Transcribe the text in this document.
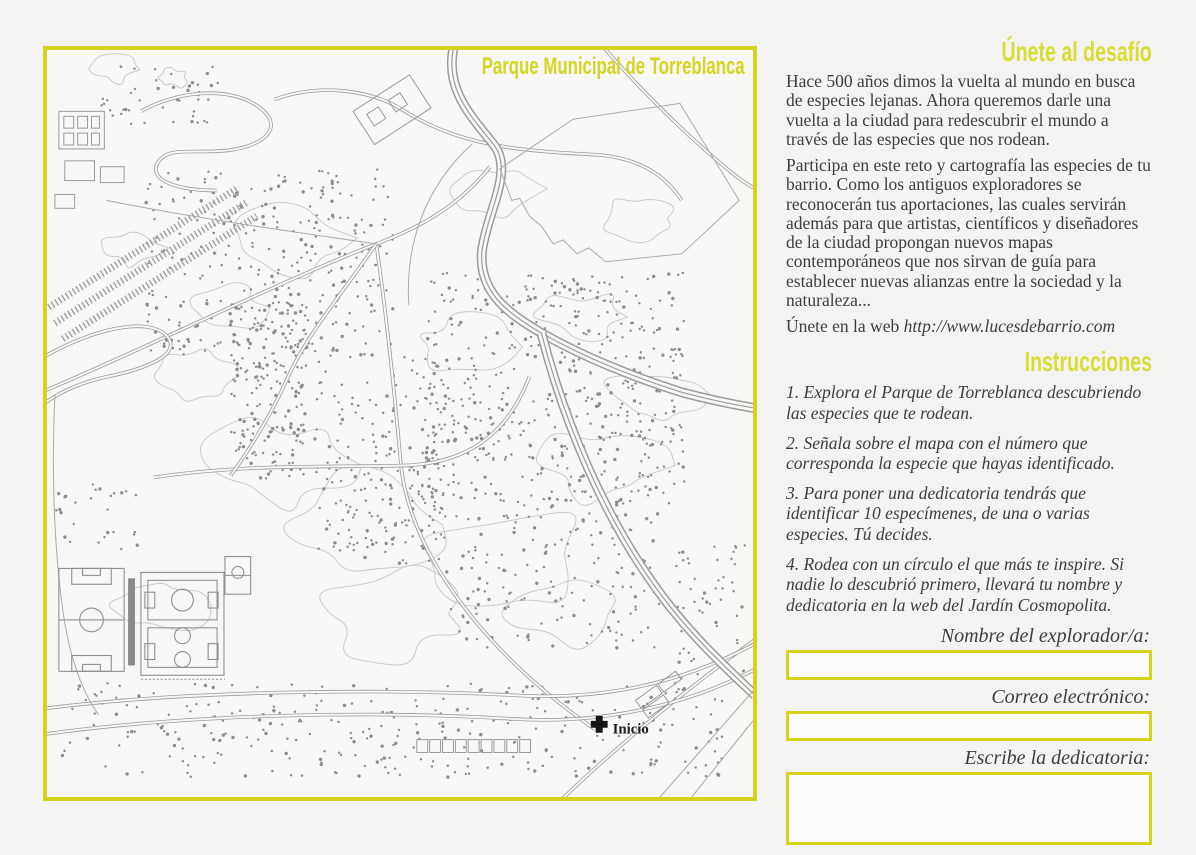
Inicio
Parque Municipal de Torreblanca	Únete al desafío

Hace 500 años dimos la vuelta al mundo en busca de especies lejanas. Ahora queremos darle una vuelta a la ciudad para redescubrir el mundo a través de las especies que nos rodean.

Participa en este reto y cartografía las especies de tu barrio. Como los antiguos exploradores se reconocerán tus aportaciones, las cuales servirán además para que artistas, científicos y diseñadores de la ciudad propongan nuevos mapas contemporáneos que nos sirvan de guía para establecer nuevas alianzas entre la sociedad y la naturaleza...

Únete en la web http://www.lucesdebarrio.com

Instrucciones

1. Explora el Parque de Torreblanca descubriendo las especies que te rodean.

2. Señala sobre el mapa con el número que corresponda la especie que hayas identificado.

3. Para poner una dedicatoria tendrás que identificar 10 especímenes, de una o varias especies. Tú decides.

4. Rodea con un círculo el que más te inspire. Si nadie lo descubrió primero, llevará tu nombre y dedicatoria en la web del Jardín Cosmopolita.

Nombre del explorador/a:
Correo electrónico:
Escribe la dedicatoria:
